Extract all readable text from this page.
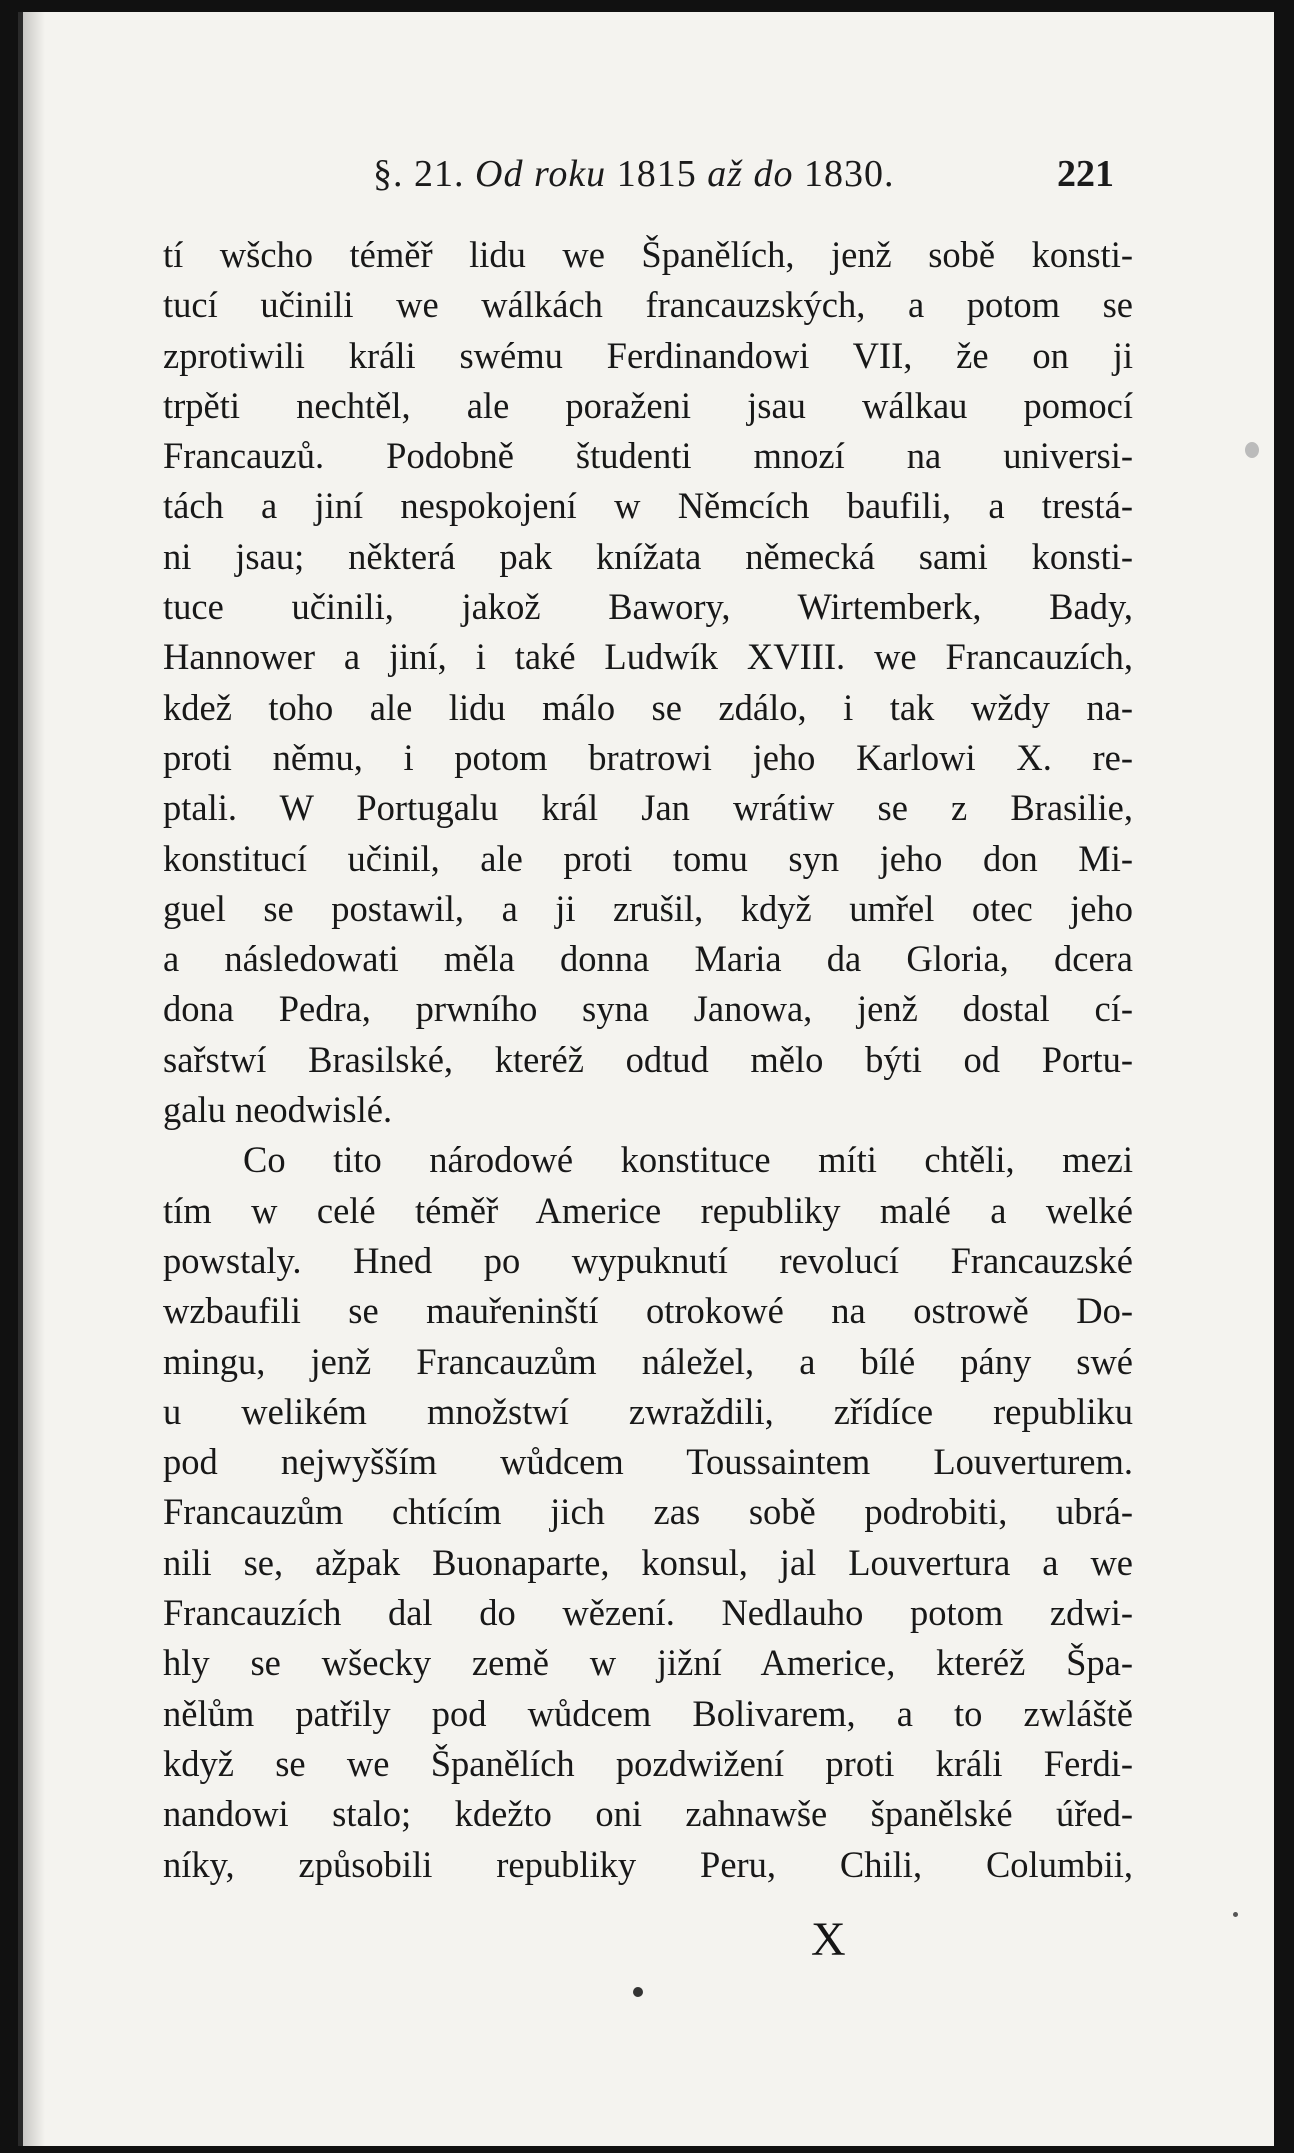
§. 21. Od roku 1815 až do 1830.	221
tí wšcho téměř lidu we Španělích, jenž sobě konsti-
tucí učinili we wálkách francauzských, a potom se
zprotiwili králi swému Ferdinandowi VII, že on ji
trpěti nechtěl, ale poraženi jsau wálkau pomocí
Francauzů. Podobně študenti mnozí na universi-
tách a jiní nespokojení w Němcích baufili, a trestá-
ni jsau; některá pak knížata německá sami konsti-
tuce učinili, jakož Bawory, Wirtemberk, Bady,
Hannower a jiní, i také Ludwík XVIII. we Francauzích,
kdež toho ale lidu málo se zdálo, i tak wždy na-
proti němu, i potom bratrowi jeho Karlowi X. re-
ptali. W Portugalu král Jan wrátiw se z Brasilie,
konstitucí učinil, ale proti tomu syn jeho don Mi-
guel se postawil, a ji zrušil, když umřel otec jeho
a následowati měla donna Maria da Gloria, dcera
dona Pedra, prwního syna Janowa, jenž dostal cí-
sařstwí Brasilské, kteréž odtud mělo býti od Portu-
galu neodwislé.
Co tito národowé konstituce míti chtěli, mezi
tím w celé téměř Americe republiky malé a welké
powstaly. Hned po wypuknutí revolucí Francauzské
wzbaufili se mauřeninští otrokowé na ostrowě Do-
mingu, jenž Francauzům náležel, a bílé pány swé
u welikém množstwí zwraždili, zřídíce republiku
pod nejwyšším wůdcem Toussaintem Louverturem.
Francauzům chtícím jich zas sobě podrobiti, ubrá-
nili se, ažpak Buonaparte, konsul, jal Louvertura a we
Francauzích dal do wězení. Nedlauho potom zdwi-
hly se wšecky země w jižní Americe, kteréž Špa-
nělům patřily pod wůdcem Bolivarem, a to zwláště
když se we Španělích pozdwižení proti králi Ferdi-
nandowi stalo; kdežto oni zahnawše španělské úřed-
níky, způsobili republiky Peru, Chili, Columbii,
X
